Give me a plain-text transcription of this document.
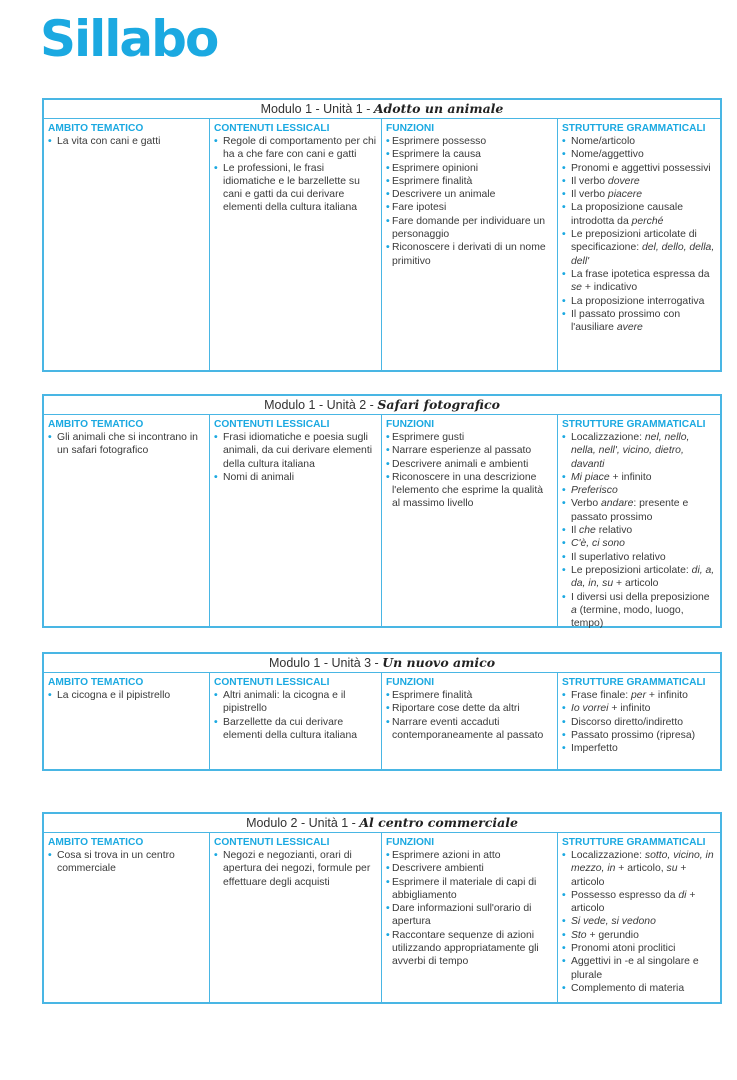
Sillabo
Modulo 1 - Unità 1 - Adotto un animale
AMBITO TEMATICO
• La vita con cani e gatti
CONTENUTI LESSICALI
• Regole di comportamento per chi ha a che fare con cani e gatti
• Le professioni, le frasi idiomatiche e le barzellette su cani e gatti da cui derivare elementi della cultura italiana
FUNZIONI
• Esprimere possesso
• Esprimere la causa
• Esprimere opinioni
• Esprimere finalità
• Descrivere un animale
• Fare ipotesi
• Fare domande per individuare un personaggio
• Riconoscere i derivati di un nome primitivo
STRUTTURE GRAMMATICALI
• Nome/articolo
• Nome/aggettivo
• Pronomi e aggettivi possessivi
• Il verbo dovere
• Il verbo piacere
• La proposizione causale introdotta da perché
• Le preposizioni articolate di specificazione: del, dello, della, dell'
• La frase ipotetica espressa da se + indicativo
• La proposizione interrogativa
• Il passato prossimo con l'ausiliare avere
Modulo 1 - Unità 2 - Safari fotografico
AMBITO TEMATICO
• Gli animali che si incontrano in un safari fotografico
CONTENUTI LESSICALI
• Frasi idiomatiche e poesia sugli animali, da cui derivare elementi della cultura italiana
• Nomi di animali
FUNZIONI
• Esprimere gusti
• Narrare esperienze al passato
• Descrivere animali e ambienti
• Riconoscere in una descrizione l'elemento che esprime la qualità al massimo livello
STRUTTURE GRAMMATICALI
• Localizzazione: nel, nello, nella, nell', vicino, dietro, davanti
• Mi piace + infinito
• Preferisco
• Verbo andare: presente e passato prossimo
• Il che relativo
• C'è, ci sono
• Il superlativo relativo
• Le preposizioni articolate: di, a, da, in, su + articolo
• I diversi usi della preposizione a (termine, modo, luogo, tempo)
Modulo 1 - Unità 3 - Un nuovo amico
AMBITO TEMATICO
• La cicogna e il pipistrello
CONTENUTI LESSICALI
• Altri animali: la cicogna e il pipistrello
• Barzellette da cui derivare elementi della cultura italiana
FUNZIONI
• Esprimere finalità
• Riportare cose dette da altri
• Narrare eventi accaduti contemporaneamente al passato
STRUTTURE GRAMMATICALI
• Frase finale: per + infinito
• Io vorrei + infinito
• Discorso diretto/indiretto
• Passato prossimo (ripresa)
• Imperfetto
Modulo 2 - Unità 1 - Al centro commerciale
AMBITO TEMATICO
• Cosa si trova in un centro commerciale
CONTENUTI LESSICALI
• Negozi e negozianti, orari di apertura dei negozi, formule per effettuare degli acquisti
FUNZIONI
• Esprimere azioni in atto
• Descrivere ambienti
• Esprimere il materiale di capi di abbigliamento
• Dare informazioni sull'orario di apertura
• Raccontare sequenze di azioni utilizzando appropriatamente gli avverbi di tempo
STRUTTURE GRAMMATICALI
• Localizzazione: sotto, vicino, in mezzo, in + articolo, su + articolo
• Possesso espresso da di + articolo
• Si vede, si vedono
• Sto + gerundio
• Pronomi atoni proclitici
• Aggettivi in -e al singolare e plurale
• Complemento di materia
